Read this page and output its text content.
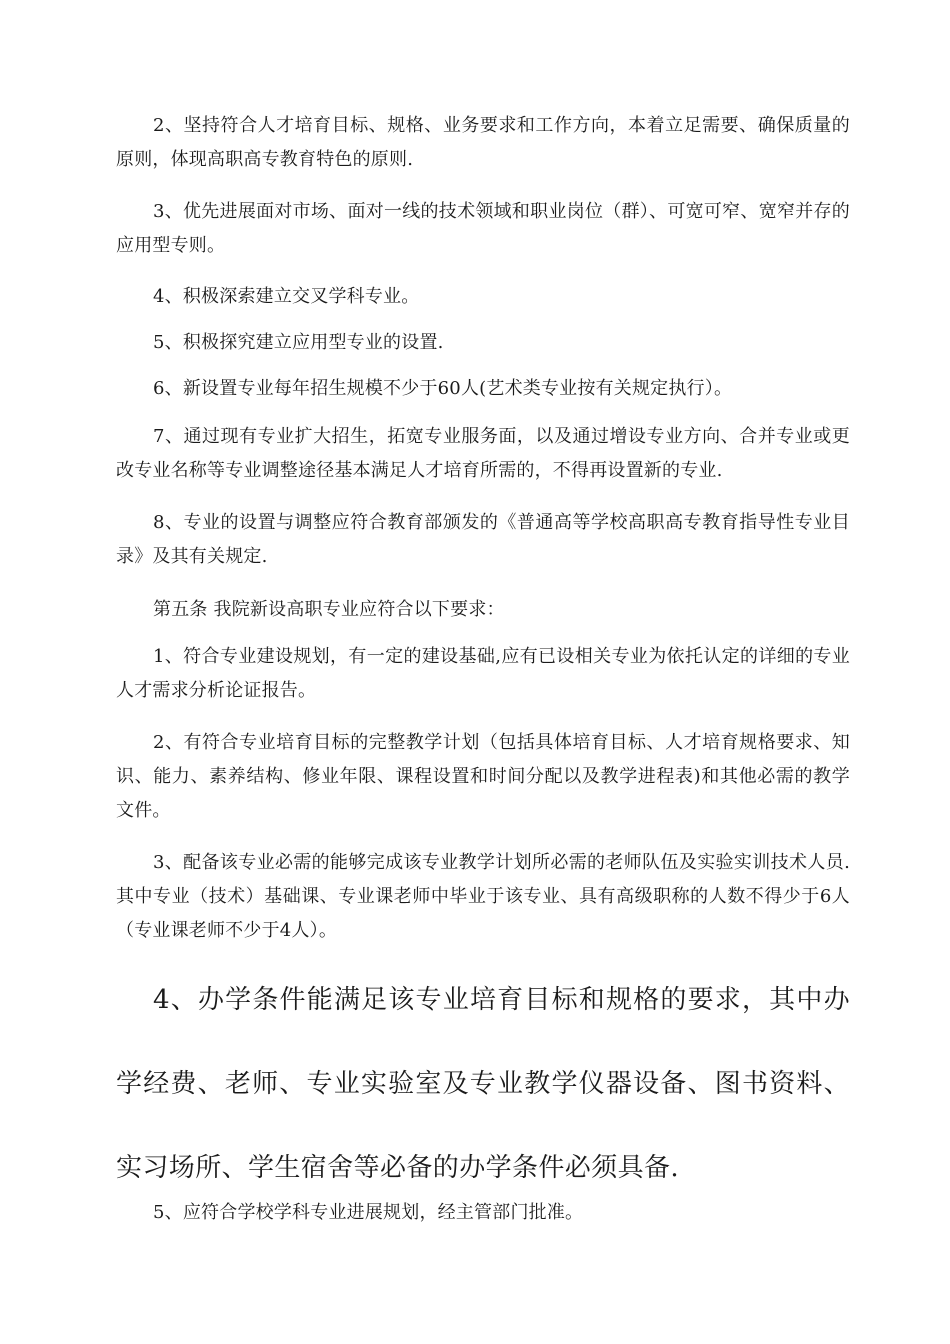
2、坚持符合人才培育目标、规格、业务要求和工作方向，本着立足需要、确保质量的原则，体现高职高专教育特色的原则.

3、优先进展面对市场、面对一线的技术领域和职业岗位（群）、可宽可窄、宽窄并存的应用型专则。

4、积极深索建立交叉学科专业。

5、积极探究建立应用型专业的设置.

6、新设置专业每年招生规模不少于60人(艺术类专业按有关规定执行）。

7、通过现有专业扩大招生，拓宽专业服务面，以及通过增设专业方向、合并专业或更改专业名称等专业调整途径基本满足人才培育所需的，不得再设置新的专业.

8、专业的设置与调整应符合教育部颁发的《普通高等学校高职高专教育指导性专业目录》及其有关规定.

第五条 我院新设高职专业应符合以下要求：

1、符合专业建设规划，有一定的建设基础,应有已设相关专业为依托认定的详细的专业人才需求分析论证报告。

2、有符合专业培育目标的完整教学计划（包括具体培育目标、人才培育规格要求、知识、能力、素养结构、修业年限、课程设置和时间分配以及教学进程表)和其他必需的教学文件。

3、配备该专业必需的能够完成该专业教学计划所必需的老师队伍及实验实训技术人员.其中专业（技术）基础课、专业课老师中毕业于该专业、具有高级职称的人数不得少于6人（专业课老师不少于4人）。

4、办学条件能满足该专业培育目标和规格的要求，其中办学经费、老师、专业实验室及专业教学仪器设备、图书资料、实习场所、学生宿舍等必备的办学条件必须具备.

5、应符合学校学科专业进展规划，经主管部门批准。
